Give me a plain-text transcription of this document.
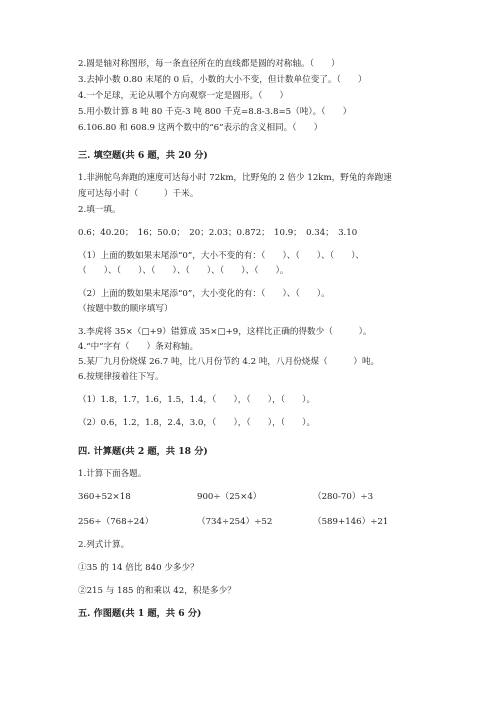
2.圆是轴对称图形，每一条直径所在的直线都是圆的对称轴。（　　）
3.去掉小数 0.80 末尾的 0 后，小数的大小不变，但计数单位变了。（　　）
4.一个足球，无论从哪个方向观察一定是圆形。（　　）
5.用小数计算 8 吨 80 千克-3 吨 800 千克=8.8-3.8=5（吨）。（　　）
6.106.80 和 608.9 这两个数中的“6”表示的含义相同。（　　）
三. 填空题(共 6 题，共 20 分)
1.非洲鸵鸟奔跑的速度可达每小时 72km，比野兔的 2 倍少 12km，野兔的奔跑速
度可达每小时（　　　）千米。
2.填一填。
0.6；40.20；　16；50.0；　20；2.03；0.872；　10.9；　0.34；　3.10
（1）上面的数如果末尾添“0”，大小不变的有：（　　）、（　　）、（　　）、
（　　）、（　　）、（　　）、（　　）、（　　）、（　　）。
（2）上面的数如果末尾添“0”，大小变化的有：（　　）、（　　）。
（按题中数的顺序填写）
3.李虎将 35×（□+9）错算成 35×□+9，这样比正确的得数少（　　　）。
4.“中”字有（　　）条对称轴。
5.某厂九月份烧煤 26.7 吨，比八月份节约 4.2 吨，八月份烧煤（　　　）吨。
6.按规律接着往下写。
（1）1.8，1.7，1.6，1.5，1.4，（　　），（　　），（　　）。
（2）0.6，1.2，1.8，2.4，3.0，（　　），（　　），（　　）。
四. 计算题(共 2 题，共 18 分)
1.计算下面各题。
360+52×18	900÷（25×4）	（280-70）÷3
256÷（768÷24）	（734÷254）÷52	（589+146）÷21
2.列式计算。
①35 的 14 倍比 840 少多少？
②215 与 185 的和乘以 42，积是多少？
五. 作图题(共 1 题，共 6 分)
